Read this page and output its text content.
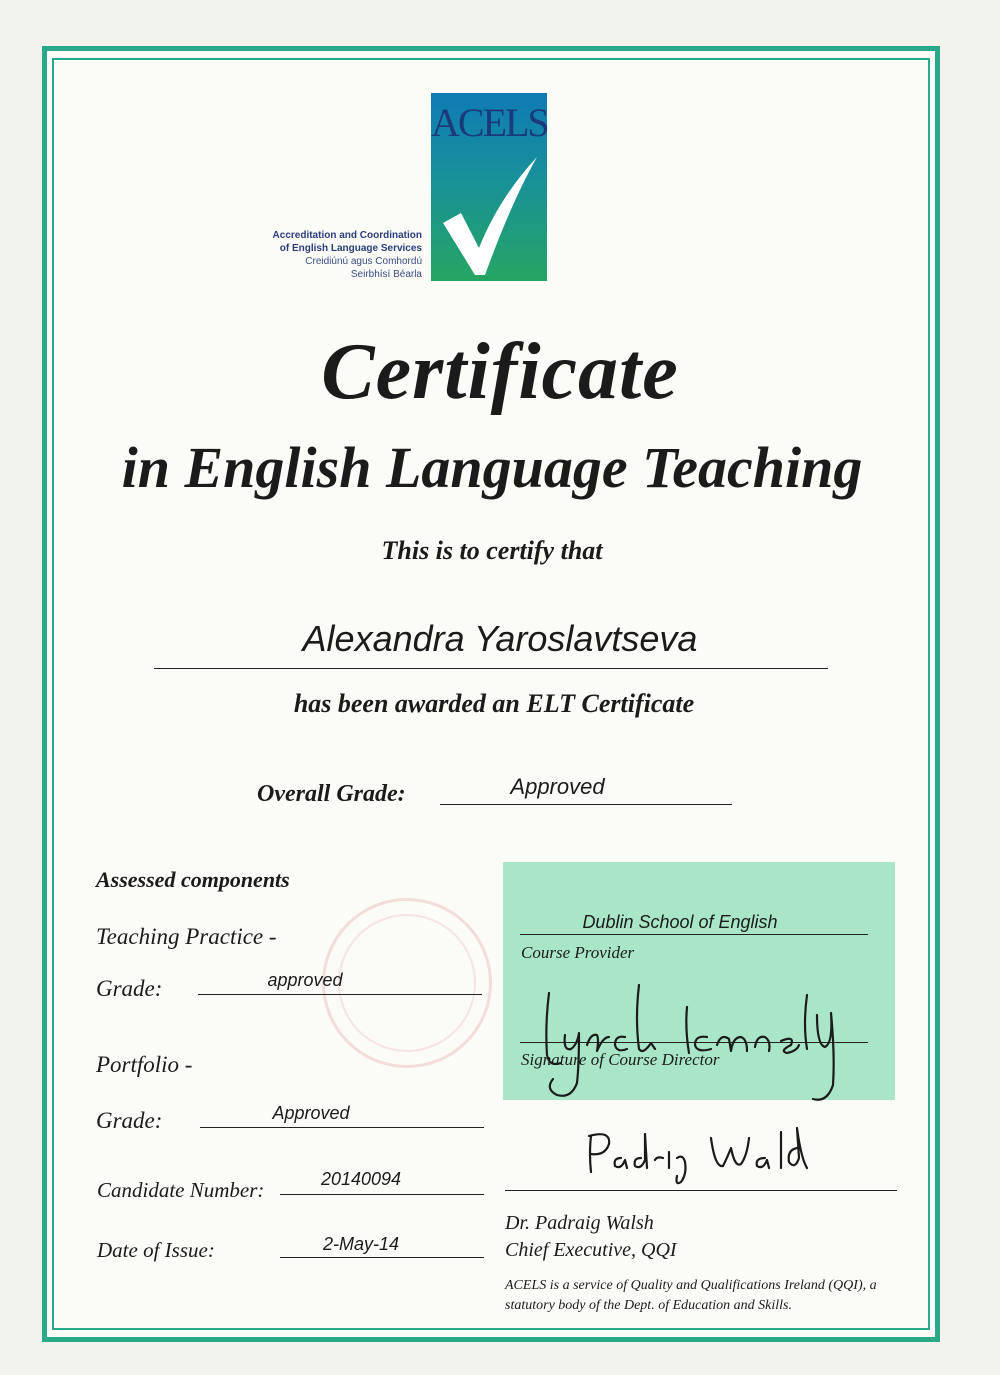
ACELS
Accreditation and Coordination
of English Language Services
Creidiúnú agus Comhordú
Seirbhísí Béarla
Certificate
in English Language Teaching
This is to certify that
Alexandra Yaroslavtseva
has been awarded an ELT Certificate
Overall Grade:	Approved
Assessed components
Teaching Practice -
Grade:	approved
Portfolio -
Grade:	Approved
Candidate Number:	20140094
Date of Issue:	2-May-14
Dublin School of English
Course Provider
Signature of Course Director
Dr. Padraig Walsh
Chief Executive, QQI
ACELS is a service of Quality and Qualifications Ireland (QQI), a statutory body of the Dept. of Education and Skills.
